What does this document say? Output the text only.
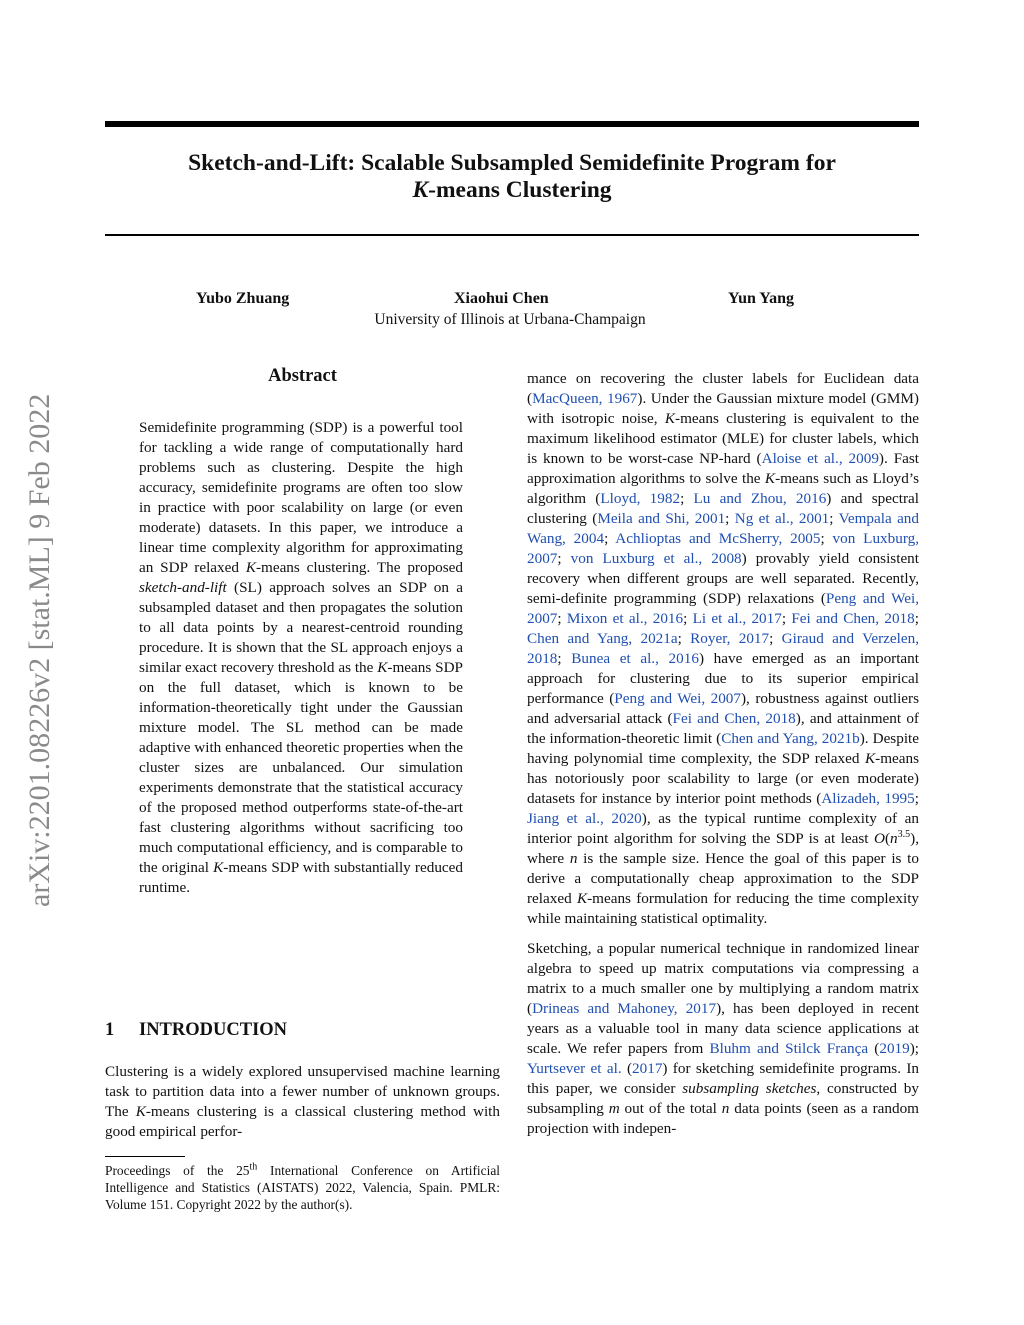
arXiv:2201.08226v2 [stat.ML] 9 Feb 2022
Sketch-and-Lift: Scalable Subsampled Semidefinite Program for
K-means Clustering
Yubo Zhuang	Xiaohui Chen	Yun Yang
University of Illinois at Urbana-Champaign
Abstract
Semidefinite programming (SDP) is a powerful tool for tackling a wide range of computationally hard problems such as clustering. Despite the high accuracy, semidefinite programs are often too slow in practice with poor scalability on large (or even moderate) datasets. In this paper, we introduce a linear time complexity algorithm for approximating an SDP relaxed K-means clustering. The proposed sketch-and-lift (SL) approach solves an SDP on a subsampled dataset and then propagates the solution to all data points by a nearest-centroid rounding procedure. It is shown that the SL approach enjoys a similar exact recovery threshold as the K-means SDP on the full dataset, which is known to be information-theoretically tight under the Gaussian mixture model. The SL method can be made adaptive with enhanced theoretic properties when the cluster sizes are unbalanced. Our simulation experiments demonstrate that the statistical accuracy of the proposed method outperforms state-of-the-art fast clustering algorithms without sacrificing too much computational efficiency, and is comparable to the original K-means SDP with substantially reduced runtime.
1 INTRODUCTION
Clustering is a widely explored unsupervised machine learning task to partition data into a fewer number of unknown groups. The K-means clustering is a classical clustering method with good empirical perfor-
Proceedings of the 25th International Conference on Artificial Intelligence and Statistics (AISTATS) 2022, Valencia, Spain. PMLR: Volume 151. Copyright 2022 by the author(s).

mance on recovering the cluster labels for Euclidean data (MacQueen, 1967). Under the Gaussian mixture model (GMM) with isotropic noise, K-means clustering is equivalent to the maximum likelihood estimator (MLE) for cluster labels, which is known to be worst-case NP-hard (Aloise et al., 2009). Fast approximation algorithms to solve the K-means such as Lloyd’s algorithm (Lloyd, 1982; Lu and Zhou, 2016) and spectral clustering (Meila and Shi, 2001; Ng et al., 2001; Vempala and Wang, 2004; Achlioptas and McSherry, 2005; von Luxburg, 2007; von Luxburg et al., 2008) provably yield consistent recovery when different groups are well separated. Recently, semi-definite programming (SDP) relaxations (Peng and Wei, 2007; Mixon et al., 2016; Li et al., 2017; Fei and Chen, 2018; Chen and Yang, 2021a; Royer, 2017; Giraud and Verzelen, 2018; Bunea et al., 2016) have emerged as an important approach for clustering due to its superior empirical performance (Peng and Wei, 2007), robustness against outliers and adversarial attack (Fei and Chen, 2018), and attainment of the information-theoretic limit (Chen and Yang, 2021b). Despite having polynomial time complexity, the SDP relaxed K-means has notoriously poor scalability to large (or even moderate) datasets for instance by interior point methods (Alizadeh, 1995; Jiang et al., 2020), as the typical runtime complexity of an interior point algorithm for solving the SDP is at least $O(n^{3.5})$, where n is the sample size. Hence the goal of this paper is to derive a computationally cheap approximation to the SDP relaxed K-means formulation for reducing the time complexity while maintaining statistical optimality.

Sketching, a popular numerical technique in randomized linear algebra to speed up matrix computations via compressing a matrix to a much smaller one by multiplying a random matrix (Drineas and Mahoney, 2017), has been deployed in recent years as a valuable tool in many data science applications at scale. We refer papers from Bluhm and Stilck França (2019); Yurtsever et al. (2017) for sketching semidefinite programs. In this paper, we consider subsampling sketches, constructed by subsampling m out of the total n data points (seen as a random projection with indepen-
